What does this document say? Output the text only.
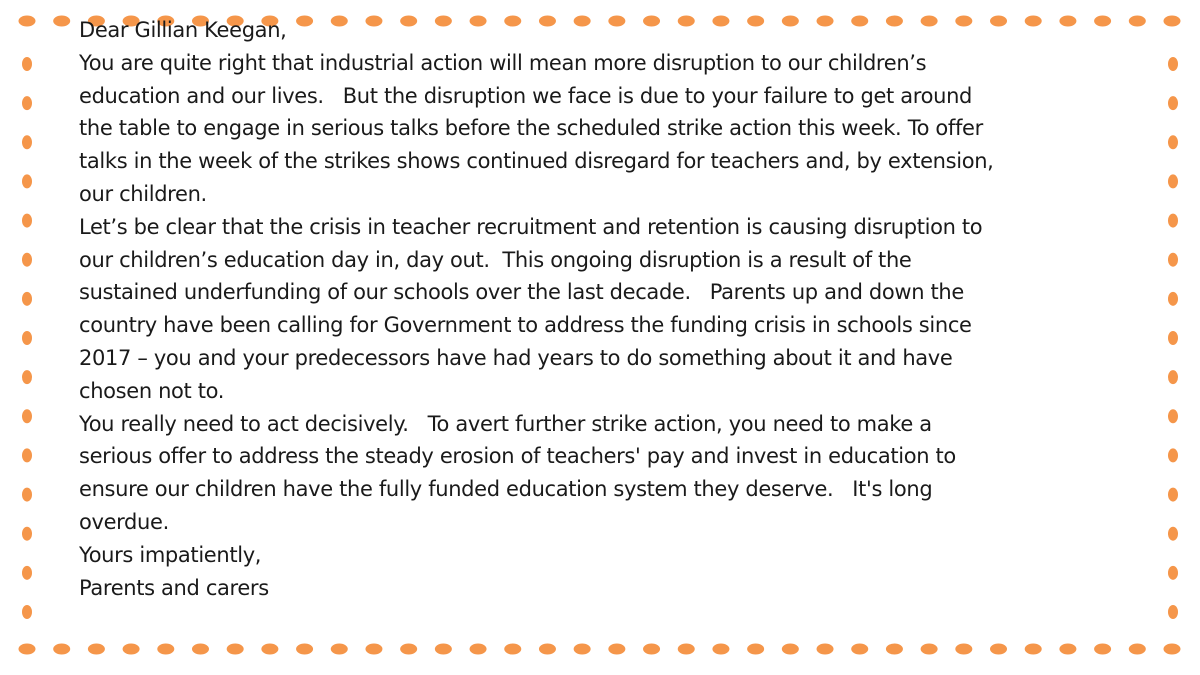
Dear Gillian Keegan,
You are quite right that industrial action will mean more disruption to our children’s
education and our lives.   But the disruption we face is due to your failure to get around
the table to engage in serious talks before the scheduled strike action this week. To offer
talks in the week of the strikes shows continued disregard for teachers and, by extension,
our children.
Let’s be clear that the crisis in teacher recruitment and retention is causing disruption to
our children’s education day in, day out.  This ongoing disruption is a result of the
sustained underfunding of our schools over the last decade.   Parents up and down the
country have been calling for Government to address the funding crisis in schools since
2017 – you and your predecessors have had years to do something about it and have
chosen not to.
You really need to act decisively.   To avert further strike action, you need to make a
serious offer to address the steady erosion of teachers' pay and invest in education to
ensure our children have the fully funded education system they deserve.   It's long
overdue.
Yours impatiently,
Parents and carers
